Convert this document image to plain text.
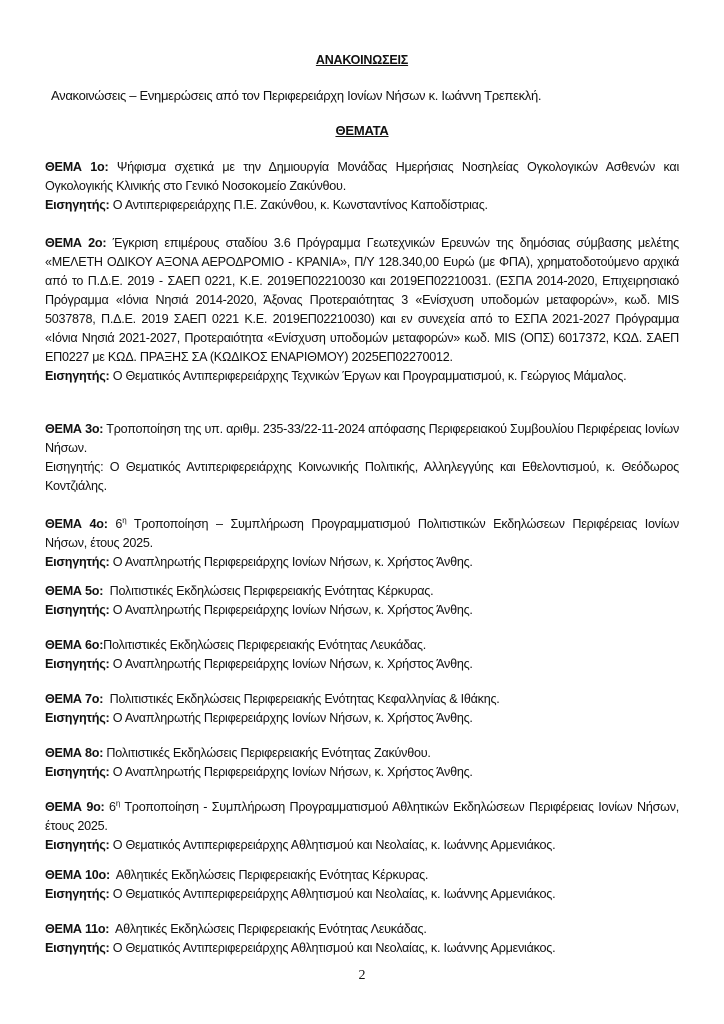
ΑΝΑΚΟΙΝΩΣΕΙΣ
Ανακοινώσεις – Ενημερώσεις από τον Περιφερειάρχη Ιονίων Νήσων κ. Ιωάννη Τρεπεκλή.
ΘΕΜΑΤΑ

ΘΕΜΑ 1ο: Ψήφισμα σχετικά με την Δημιουργία Μονάδας Ημερήσιας Νοσηλείας Ογκολογικών Ασθενών και Ογκολογικής Κλινικής στο Γενικό Νοσοκομείο Ζακύνθου.

Εισηγητής: Ο Αντιπεριφερειάρχης Π.Ε. Ζακύνθου, κ. Κωνσταντίνος Καποδίστριας.

ΘΕΜΑ 2ο: Έγκριση επιμέρους σταδίου 3.6 Πρόγραμμα Γεωτεχνικών Ερευνών της δημόσιας σύμβασης μελέτης «ΜΕΛΕΤΗ ΟΔΙΚΟΥ ΑΞΟΝΑ ΑΕΡΟΔΡΟΜΙΟ - ΚΡΑΝΙΑ», Π/Υ 128.340,00 Ευρώ (με ΦΠΑ), χρηματοδοτούμενο αρχικά από το Π.Δ.Ε. 2019 - ΣΑΕΠ 0221, Κ.Ε. 2019ΕΠ02210030 και 2019ΕΠ02210031. (ΕΣΠΑ 2014-2020, Επιχειρησιακό Πρόγραμμα «Ιόνια Νησιά 2014-2020, Άξονας Προτεραιότητας 3 «Ενίσχυση υποδομών μεταφορών», κωδ. MIS 5037878, Π.Δ.Ε. 2019 ΣΑΕΠ 0221 Κ.Ε. 2019ΕΠ02210030) και εν συνεχεία από το ΕΣΠΑ 2021-2027 Πρόγραμμα «Ιόνια Νησιά 2021-2027, Προτεραιότητα «Ενίσχυση υποδομών μεταφορών» κωδ. MIS (ΟΠΣ) 6017372, ΚΩΔ. ΣΑΕΠ ΕΠ0227 με ΚΩΔ. ΠΡΑΞΗΣ ΣΑ (ΚΩΔΙΚΟΣ ΕΝΑΡΙΘΜΟΥ) 2025ΕΠ02270012.

Εισηγητής: Ο Θεματικός Αντιπεριφερειάρχης Τεχνικών Έργων και Προγραμματισμού, κ. Γεώργιος Μάμαλος.

ΘΕΜΑ 3ο: Τροποποίηση της υπ. αριθμ. 235-33/22-11-2024 απόφασης Περιφερειακού Συμβουλίου Περιφέρειας Ιονίων Νήσων.

Εισηγητής: Ο Θεματικός Αντιπεριφερειάρχης Κοινωνικής Πολιτικής, Αλληλεγγύης και Εθελοντισμού, κ. Θεόδωρος Κοντζιάλης.

ΘΕΜΑ 4ο: $6^\eta$ Τροποποίηση – Συμπλήρωση Προγραμματισμού Πολιτιστικών Εκδηλώσεων Περιφέρειας Ιονίων Νήσων, έτους 2025.

Εισηγητής: Ο Αναπληρωτής Περιφερειάρχης Ιονίων Νήσων, κ. Χρήστος Άνθης.

ΘΕΜΑ 5ο:  Πολιτιστικές Εκδηλώσεις Περιφερειακής Ενότητας Κέρκυρας.

Εισηγητής: Ο Αναπληρωτής Περιφερειάρχης Ιονίων Νήσων, κ. Χρήστος Άνθης.

ΘΕΜΑ 6ο:Πολιτιστικές Εκδηλώσεις Περιφερειακής Ενότητας Λευκάδας.

Εισηγητής: Ο Αναπληρωτής Περιφερειάρχης Ιονίων Νήσων, κ. Χρήστος Άνθης.

ΘΕΜΑ 7ο:  Πολιτιστικές Εκδηλώσεις Περιφερειακής Ενότητας Κεφαλληνίας & Ιθάκης.

Εισηγητής: Ο Αναπληρωτής Περιφερειάρχης Ιονίων Νήσων, κ. Χρήστος Άνθης.

ΘΕΜΑ 8ο: Πολιτιστικές Εκδηλώσεις Περιφερειακής Ενότητας Ζακύνθου.

Εισηγητής: Ο Αναπληρωτής Περιφερειάρχης Ιονίων Νήσων, κ. Χρήστος Άνθης.

ΘΕΜΑ 9ο: $6^\eta$ Τροποποίηση - Συμπλήρωση Προγραμματισμού Αθλητικών Εκδηλώσεων Περιφέρειας Ιονίων Νήσων, έτους 2025.

Εισηγητής: Ο Θεματικός Αντιπεριφερειάρχης Αθλητισμού και Νεολαίας, κ. Ιωάννης Αρμενιάκος.

ΘΕΜΑ 10ο:  Αθλητικές Εκδηλώσεις Περιφερειακής Ενότητας Κέρκυρας.

Εισηγητής: Ο Θεματικός Αντιπεριφερειάρχης Αθλητισμού και Νεολαίας, κ. Ιωάννης Αρμενιάκος.

ΘΕΜΑ 11ο:  Αθλητικές Εκδηλώσεις Περιφερειακής Ενότητας Λευκάδας.

Εισηγητής: Ο Θεματικός Αντιπεριφερειάρχης Αθλητισμού και Νεολαίας, κ. Ιωάννης Αρμενιάκος.

2
